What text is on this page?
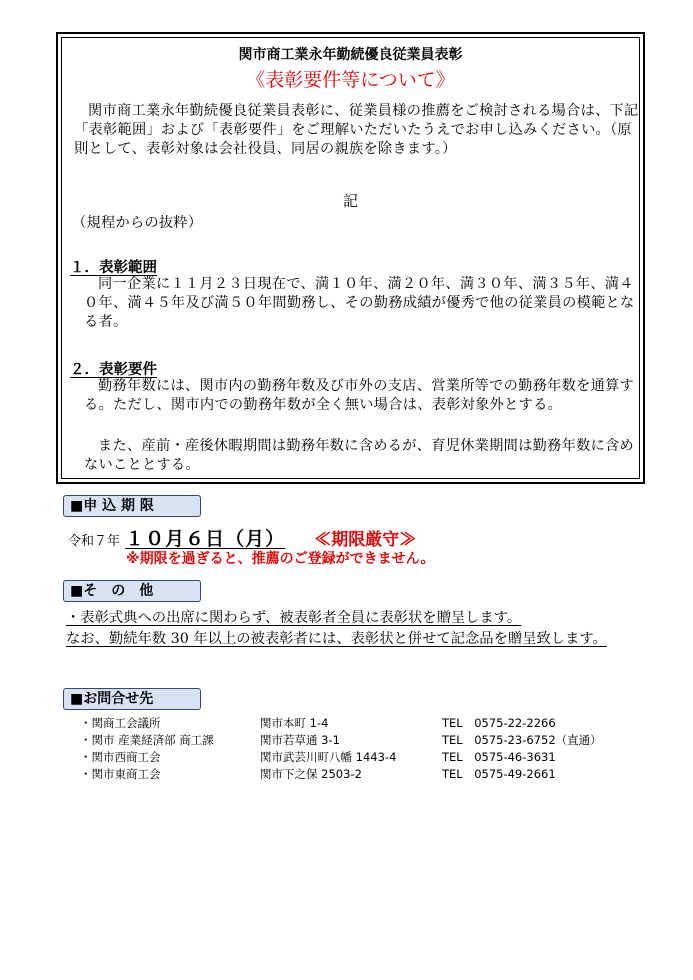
関市商工業永年勤続優良従業員表彰
《表彰要件等について》
関市商工業永年勤続優良従業員表彰に、従業員様の推薦をご検討される場合は、下記「表彰範囲」および「表彰要件」をご理解いただいたうえでお申し込みください。（原則として、表彰対象は会社役員、同居の親族を除きます。）
記
（規程からの抜粋）
１．表彰範囲
同一企業に１１月２３日現在で、満１０年、満２０年、満３０年、満３５年、満４０年、満４５年及び満５０年間勤務し、その勤務成績が優秀で他の従業員の模範となる者。
２．表彰要件
勤務年数には、関市内の勤務年数及び市外の支店、営業所等での勤務年数を通算する。ただし、関市内での勤務年数が全く無い場合は、表彰対象外とする。
また、産前・産後休暇期間は勤務年数に含めるが、育児休業期間は勤務年数に含めないこととする。
■申 込 期 限
令和７年 １０月６日（月） ≪期限厳守≫
※期限を過ぎると、推薦のご登録ができません。
■そ　の　他
・表彰式典への出席に関わらず、被表彰者全員に表彰状を贈呈します。
なお、勤続年数 30 年以上の被表彰者には、表彰状と併せて記念品を贈呈致します。
■お問合せ先
・関商工会議所	関市本町 1-4	TEL　0575-22-2266
・関市 産業経済部 商工課	関市若草通 3-1	TEL　0575-23-6752（直通）
・関市西商工会	関市武芸川町八幡 1443-4	TEL　0575-46-3631
・関市東商工会	関市下之保 2503-2	TEL　0575-49-2661
